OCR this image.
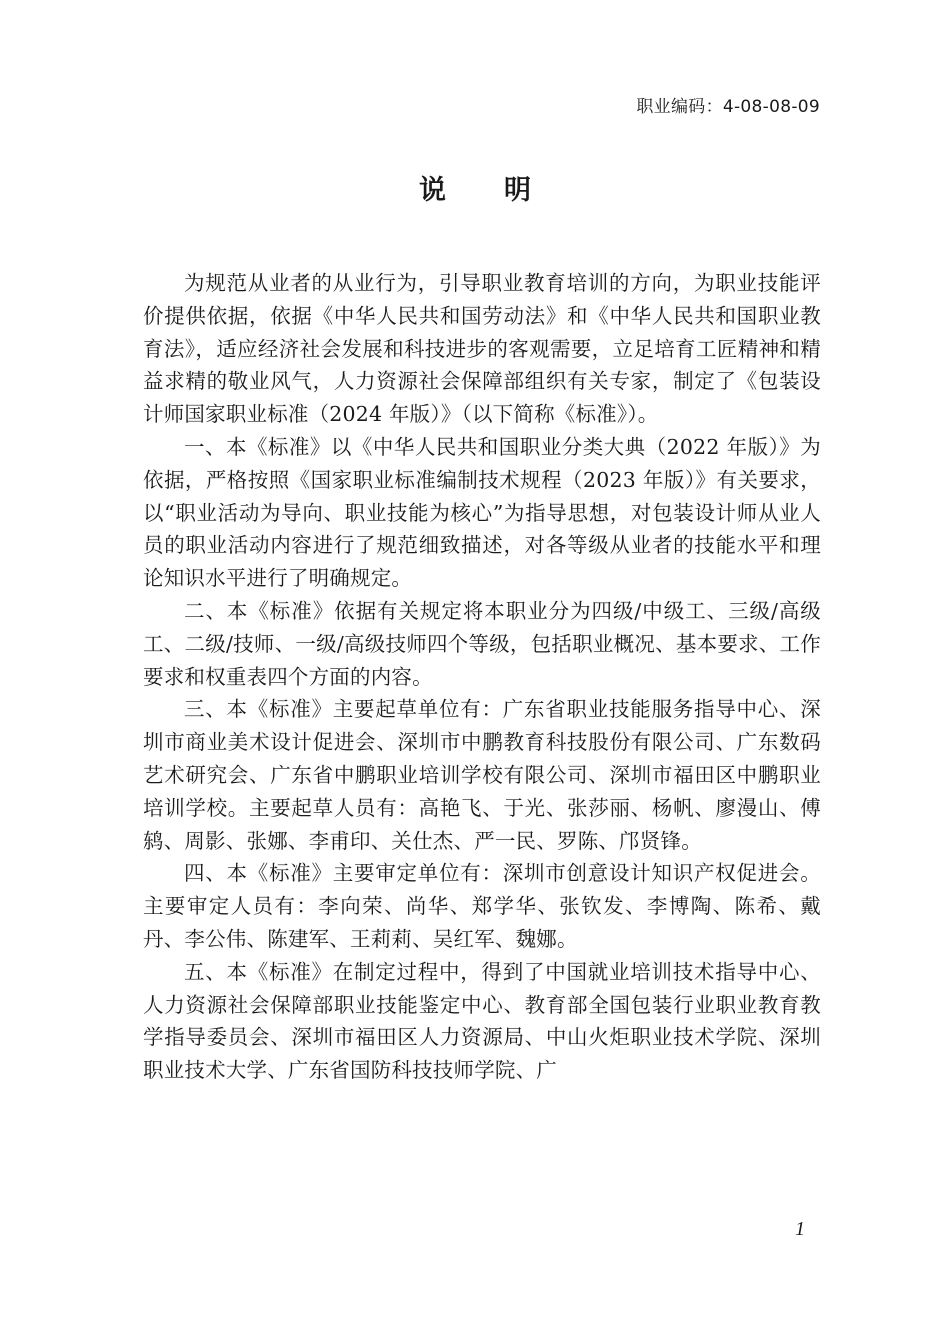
职业编码：4-08-08-09
说明

为规范从业者的从业行为，引导职业教育培训的方向，为职业技能评价提供依据，依据《中华人民共和国劳动法》和《中华人民共和国职业教育法》，适应经济社会发展和科技进步的客观需要，立足培育工匠精神和精益求精的敬业风气，人力资源社会保障部组织有关专家，制定了《包装设计师国家职业标准（2024 年版）》（以下简称《标准》）。

一、本《标准》以《中华人民共和国职业分类大典（2022 年版）》为依据，严格按照《国家职业标准编制技术规程（2023 年版）》有关要求，以“职业活动为导向、职业技能为核心”为指导思想，对包装设计师从业人员的职业活动内容进行了规范细致描述，对各等级从业者的技能水平和理论知识水平进行了明确规定。

二、本《标准》依据有关规定将本职业分为四级/中级工、三级/高级工、二级/技师、一级/高级技师四个等级，包括职业概况、基本要求、工作要求和权重表四个方面的内容。

三、本《标准》主要起草单位有：广东省职业技能服务指导中心、深圳市商业美术设计促进会、深圳市中鹏教育科技股份有限公司、广东数码艺术研究会、广东省中鹏职业培训学校有限公司、深圳市福田区中鹏职业培训学校。主要起草人员有：高艳飞、于光、张莎丽、杨帆、廖漫山、傅鸫、周影、张娜、李甫印、关仕杰、严一民、罗陈、邝贤锋。

四、本《标准》主要审定单位有：深圳市创意设计知识产权促进会。主要审定人员有：李向荣、尚华、郑学华、张钦发、李博陶、陈希、戴丹、李公伟、陈建军、王莉莉、吴红军、魏娜。

五、本《标准》在制定过程中，得到了中国就业培训技术指导中心、人力资源社会保障部职业技能鉴定中心、教育部全国包装行业职业教育教学指导委员会、深圳市福田区人力资源局、中山火炬职业技术学院、深圳职业技术大学、广东省国防科技技师学院、广

1
